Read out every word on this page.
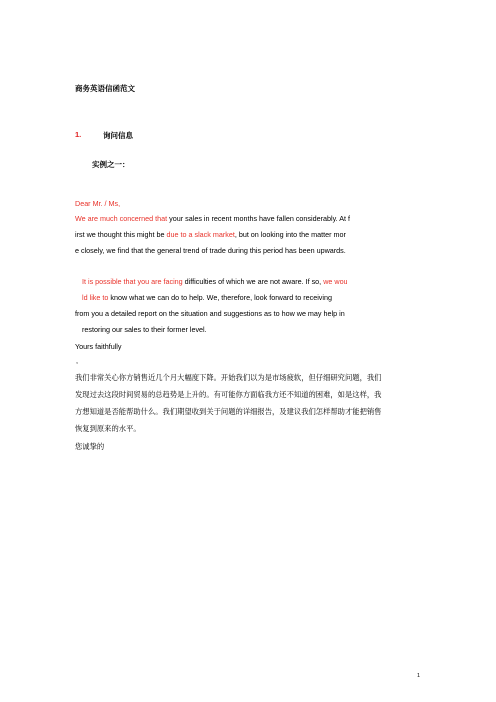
商务英语信函范文
1.	询问信息
实例之一：
Dear Mr. / Ms,
We are much concerned that your sales in recent months have fallen considerably. At f
irst we thought this might be due to a slack market, but on looking into the matter mor
e closely, we find that the general trend of trade during this period has been upwards.
It is possible that you are facing difficulties of which we are not aware. If so, we wou
ld like to know what we can do to help. We, therefore, look forward to receiving
from you a detailed report on the situation and suggestions as to how we may help in
restoring our sales to their former level.
Yours faithfully
,
我们非常关心你方销售近几个月大幅度下降。开始我们以为是市场疲软，但仔细研究问题，我们
发现过去这段时间贸易的总趋势是上升的。有可能你方面临我方还不知道的困难，如是这样，我
方想知道是否能帮助什么。我们期望收到关于问题的详细报告，及建议我们怎样帮助才能把销售
恢复到原来的水平。
您诚挚的
1
